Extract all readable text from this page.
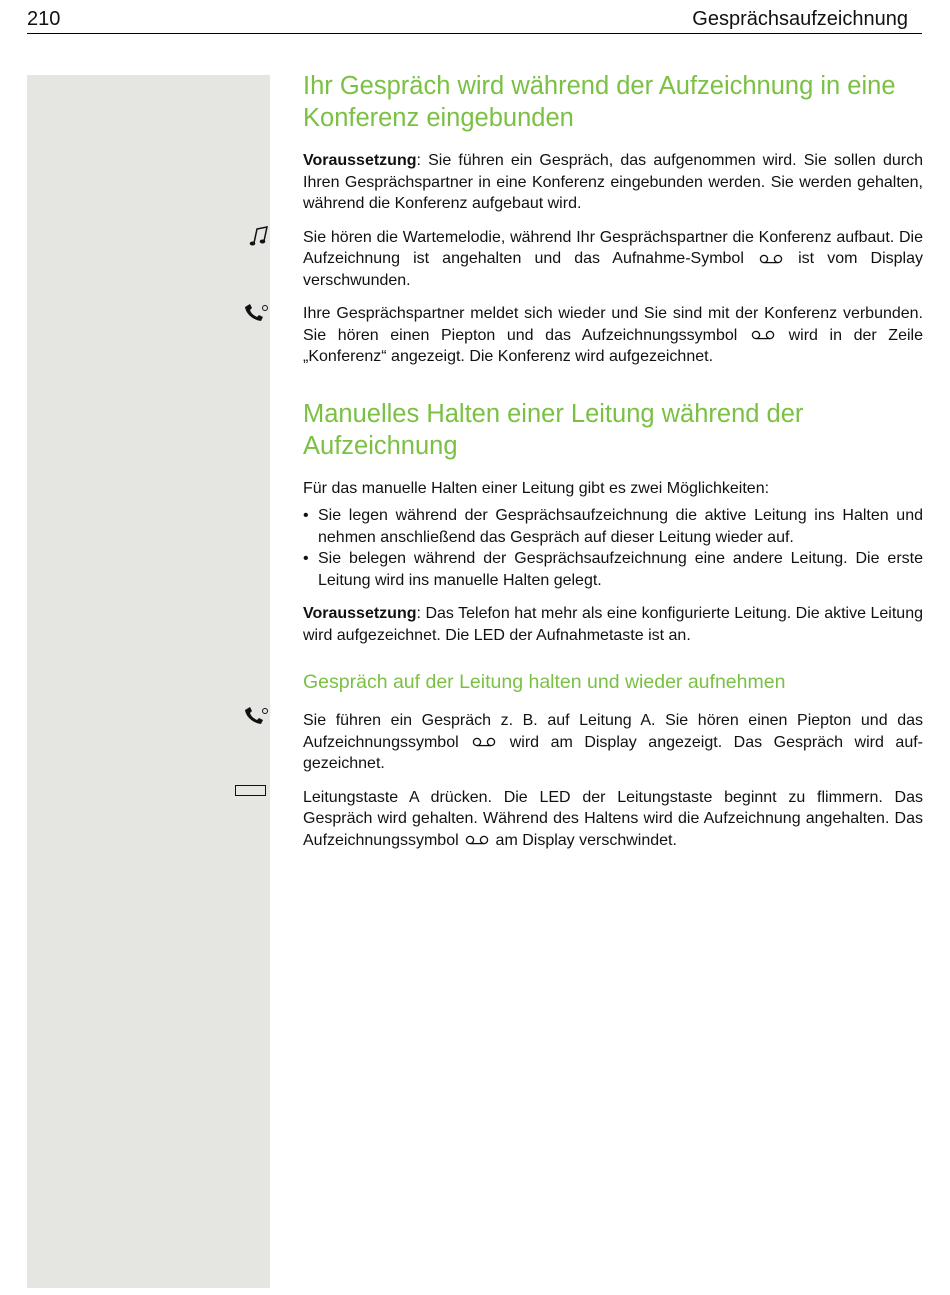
210	Gesprächsaufzeichnung
Ihr Gespräch wird während der Aufzeichnung in eine Konferenz eingebunden

Voraussetzung: Sie führen ein Gespräch, das aufgenommen wird. Sie sollen durch Ihren Gesprächspartner in eine Konferenz eingebunden werden. Sie werden gehalten, während die Konferenz aufgebaut wird.

Sie hören die Wartemelodie, während Ihr Gesprächspartner die Konferenz aufbaut. Die Aufzeichnung ist angehalten und das Aufnahme-Symbol	ist vom Display verschwunden.

Ihre Gesprächspartner meldet sich wieder und Sie sind mit der Konferenz verbunden. Sie hören einen Piepton und das Aufzeichnungssymbol	wird in der Zeile „Konferenz“ angezeigt. Die Konferenz wird aufgezeichnet.

Manuelles Halten einer Leitung während der Aufzeichnung

Für das manuelle Halten einer Leitung gibt es zwei Möglichkeiten:

• Sie legen während der Gesprächsaufzeichnung die aktive Leitung ins Halten und nehmen anschließend das Gespräch auf dieser Leitung wieder auf.
• Sie belegen während der Gesprächsaufzeichnung eine andere Leitung. Die erste Leitung wird ins manuelle Halten gelegt.

Voraussetzung: Das Telefon hat mehr als eine konfigurierte Leitung. Die aktive Leitung wird aufgezeichnet. Die LED der Aufnahmetaste ist an.

Gespräch auf der Leitung halten und wieder aufnehmen

Sie führen ein Gespräch z. B. auf Leitung A. Sie hören einen Piepton und das Aufzeichnungssymbol	wird am Display angezeigt. Das Gespräch wird aufgezeichnet.

Leitungstaste A drücken. Die LED der Leitungstaste beginnt zu flimmern. Das Gespräch wird gehalten. Während des Haltens wird die Aufzeichnung angehalten. Das Aufzeichnungssymbol am Display verschwindet.
